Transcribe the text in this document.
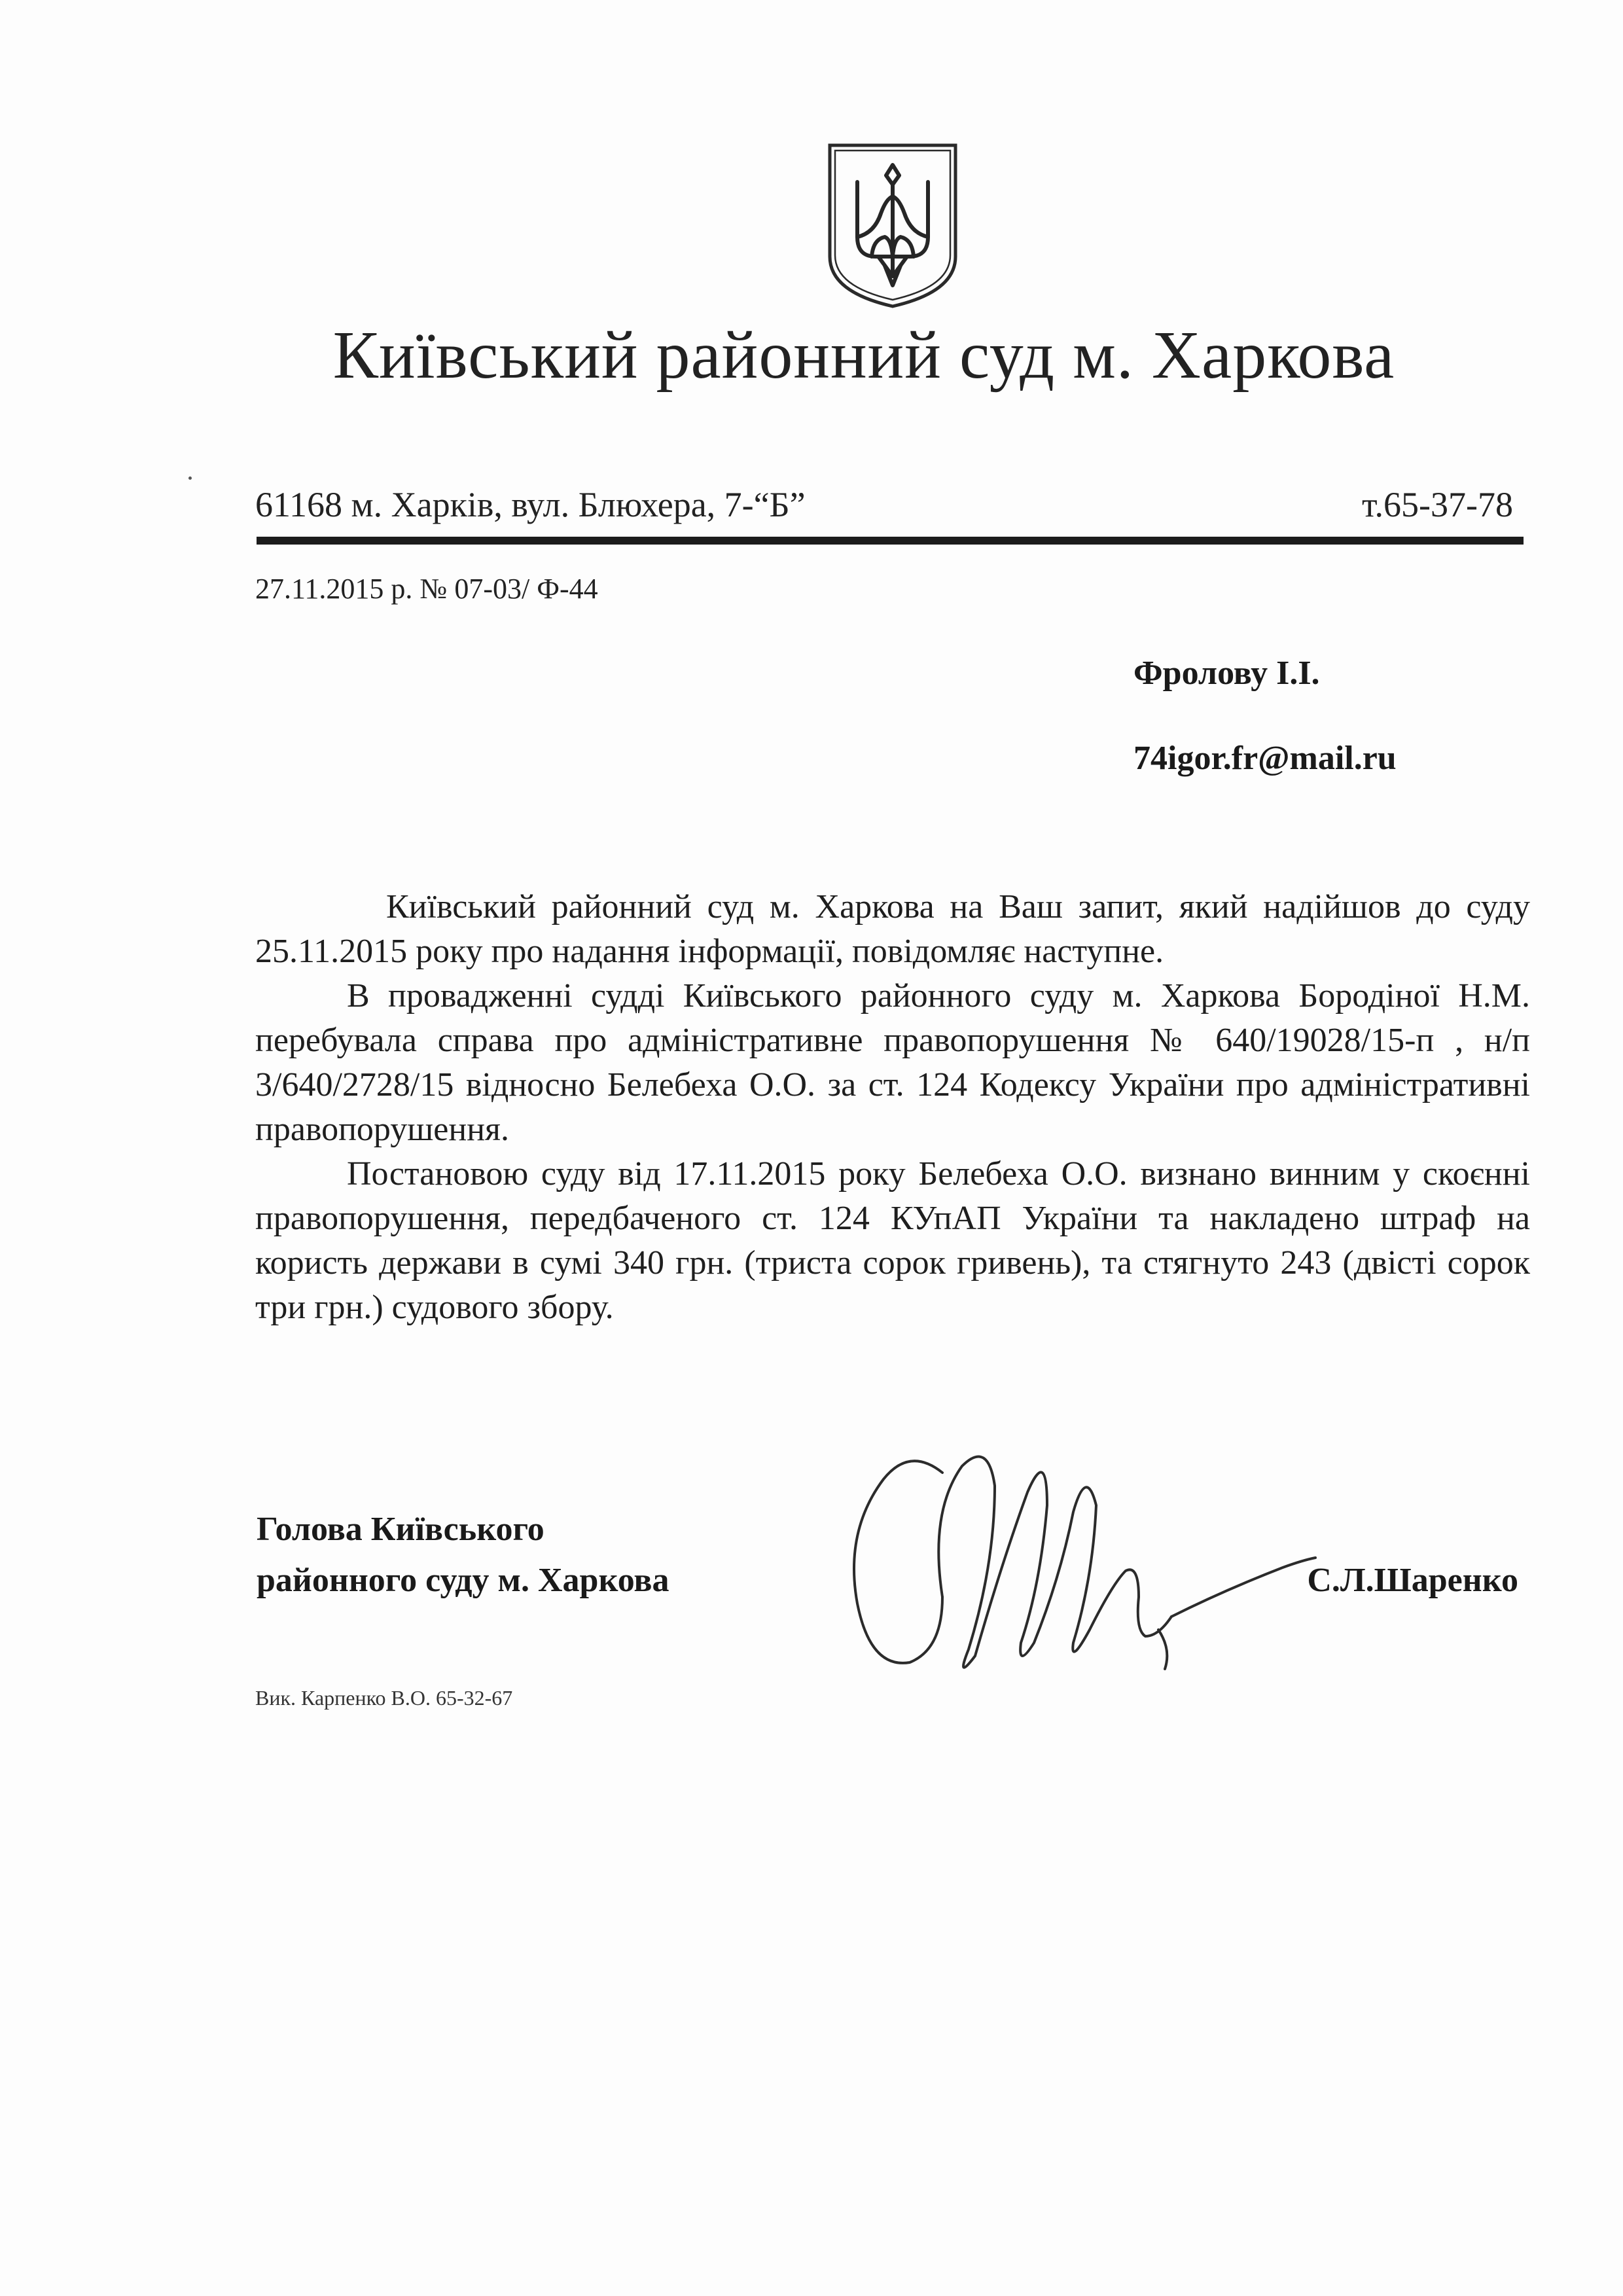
Київський районний суд м. Харкова
61168 м. Харків, вул. Блюхера, 7-“Б”	т.65-37-78
27.11.2015 р. № 07-03/ Ф-44
Фролову І.І.
74igor.fr@mail.ru

Київський районний суд м. Харкова на Ваш запит, який надійшов до суду 25.11.2015 року про надання інформації, повідомляє наступне.

В провадженні судді Київського районного суду м. Харкова Бородіної Н.М. перебувала справа про адміністративне правопорушення № 640/19028/15-п , н/п 3/640/2728/15 відносно Белебеха О.О. за ст. 124 Кодексу України про адміністративні правопорушення.

Постановою суду від 17.11.2015 року Белебеха О.О. визнано винним у скоєнні правопорушення, передбаченого ст. 124 КУпАП України та накладено штраф на користь держави в сумі 340 грн. (триста сорок гривень), та стягнуто 243 (двісті сорок три грн.) судового збору.

Голова Київського
районного суду м. Харкова	С.Л.Шаренко
Вик. Карпенко В.О. 65-32-67
